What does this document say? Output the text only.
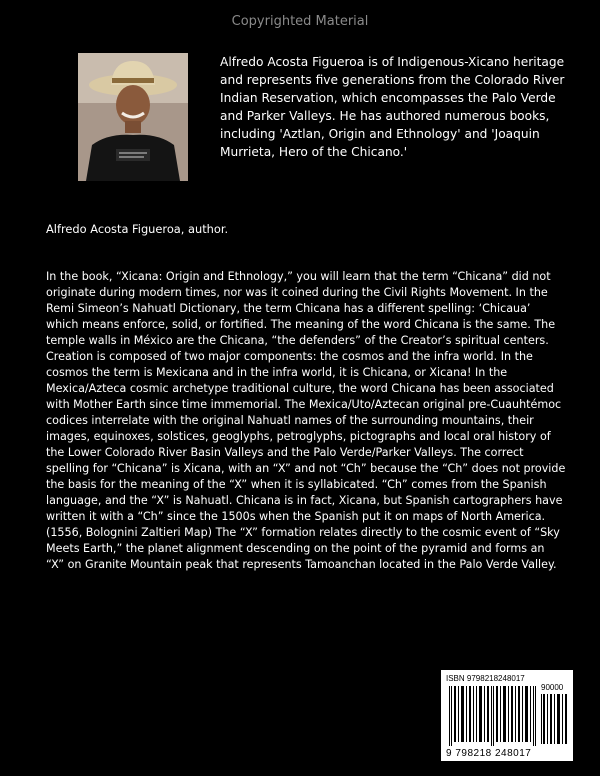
Copyrighted Material
Alfredo Acosta Figueroa is of Indigenous-Xicano heritage and represents five generations from the Colorado River Indian Reservation, which encompasses the Palo Verde and Parker Valleys. He has authored numerous books, including 'Aztlan, Origin and Ethnology' and 'Joaquin Murrieta, Hero of the Chicano.'
Alfredo Acosta Figueroa, author.
In the book, “Xicana: Origin and Ethnology,” you will learn that the term “Chicana” did not originate during modern times, nor was it coined during the Civil Rights Movement. In the Remi Simeon’s Nahuatl Dictionary, the term Chicana has a different spelling: ‘Chicaua’ which means enforce, solid, or fortified. The meaning of the word Chicana is the same. The temple walls in México are the Chicana, “the defenders” of the Creator’s spiritual centers. Creation is composed of two major components: the cosmos and the infra world. In the cosmos the term is Mexicana and in the infra world, it is Chicana, or Xicana! In the Mexica/Azteca cosmic archetype traditional culture, the word Chicana has been associated with Mother Earth since time immemorial. The Mexica/Uto/Aztecan original pre-Cuauhtémoc codices interrelate with the original Nahuatl names of the surrounding mountains, their images, equinoxes, solstices, geoglyphs, petroglyphs, pictographs and local oral history of the Lower Colorado River Basin Valleys and the Palo Verde/Parker Valleys. The correct spelling for “Chicana” is Xicana, with an “X” and not “Ch” because the “Ch” does not provide the basis for the meaning of the “X” when it is syllabicated. “Ch” comes from the Spanish language, and the “X” is Nahuatl. Chicana is in fact, Xicana, but Spanish cartographers have written it with a “Ch” since the 1500s when the Spanish put it on maps of North America. (1556, Bolognini Zaltieri Map) The “X” formation relates directly to the cosmic event of “Sky Meets Earth,” the planet alignment descending on the point of the pyramid and forms an “X” on Granite Mountain peak that represents Tamoanchan located in the Palo Verde Valley.
ISBN 9798218248017
90000
9 798218 248017
